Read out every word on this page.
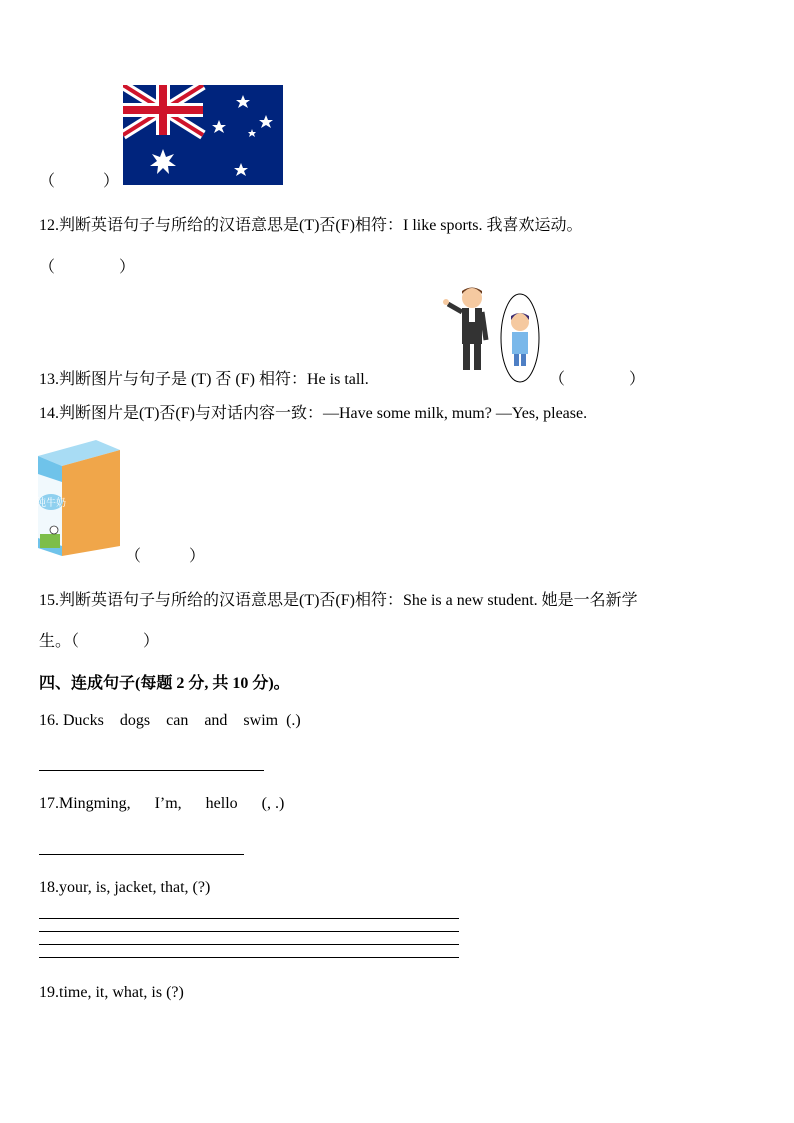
（　　　）
12.判断英语句子与所给的汉语意思是(T)否(F)相符：I like sports. 我喜欢运动。
（　　　　）
13.判断图片与句子是 (T) 否 (F) 相符：He is tall.	（　　　　）
14.判断图片是(T)否(F)与对话内容一致：—Have some milk, mum? —Yes, please.
纯牛奶
（　　　）
15.判断英语句子与所给的汉语意思是(T)否(F)相符：She is a new student. 她是一名新学
生。（　　　　）
四、连成句子(每题 2 分, 共 10 分)。
16. Ducks    dogs    can    and    swim  (.)
17.Mingming,      I’m,      hello      (, .)
18.your, is, jacket, that, (?)
19.time, it, what, is (?)
